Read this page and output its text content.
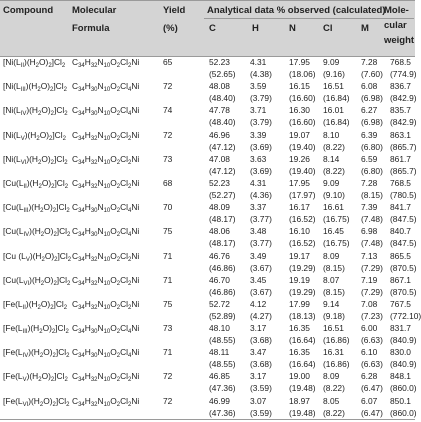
Compound Molecular
Formula
Yield
(%)
Analytical data % observed (calculated)
C	H	N	Cl	M
Mole-
cular
weight
$[Ni(L_{II})(H_2O)_2]Cl_2$ $C_{34}H_{32}N_{10}O_2Cl_2Ni$	65	52.23 4.31	17.95 9.09	7.28 768.5
(52.65) (4.38) (18.06) (9.16) (7.60) (774.9)
$[Ni(L_{III})(H_2O)_2]Cl_2$ $C_{34}H_{30}N_{10}O_2Cl_4Ni$	72	48.08 3.59	16.15 16.51 6.08 836.7
(48.40) (3.79) (16.60) (16.84) (6.98) (842.9)
$[Ni(L_{IV})(H_2O)_2]Cl_2$ $C_{34}H_{30}N_{10}O_2Cl_4Ni$	74	47.78 3.71	16.30 16.01 6.27 835.7
(48.40) (3.79) (16.60) (16.84) (6.98) (842.9)
$[Ni(L_V)(H_2O)_2]Cl_2$ $C_{34}H_{32}N_{10}O_2Cl_2Ni$	72	46.96 3.39	19.07 8.10	6.39 863.1
(47.12) (3.69) (19.40) (8.22) (6.80) (865.7)
$[Ni(L_{VI})(H_2O)_2]Cl_2$ $C_{34}H_{32}N_{10}O_2Cl_2Ni$	73	47.08 3.63	19.26 8.14	6.59 861.7
(47.12) (3.69) (19.40) (8.22) (6.80) (865.7)
$[Cu(L_{II})(H_2O)_2]Cl_2$ $C_{34}H_{32}N_{10}O_2Cl_2Ni$	68	52.23 4.31	17.95 9.09	7.28 768.5
(52.27) (4.36) (17.97) (9.10) (8.15) (780.5)
$[Cu(L_{III})(H_2O)_2]Cl_2$ $C_{34}H_{30}N_{10}O_2Cl_4Ni$	70	48.09 3.37	16.17 16.61 7.39 841.7
(48.17) (3.77) (16.52) (16.75) (7.48) (847.5)
$[Cu(L_{IV})(H_2O)_2]Cl_2$ $C_{34}H_{30}N_{10}O_2Cl_4Ni$	75	48.06 3.48	16.10 16.45 6.98 840.7
(48.17) (3.77) (16.52) (16.75) (7.48) (847.5)
[Cu $(L_V)(H_2O)_2]Cl_2$ $C_{34}H_{32}N_{10}O_2Cl_2Ni$	71	46.76 3.49	19.17 8.09	7.13 865.5
(46.86) (3.67) (19.29) (8.15) (7.29) (870.5)
$[Cu(L_{VI})(H_2O)_2]Cl_2$ $C_{34}H_{32}N_{10}O_2Cl_2Ni$	71	46.70 3.45	19.19 8.07	7.19 867.1
(46.86) (3.67) (19.29) (8.15) (7.29) (870.5)
$[Fe(L_{II})(H_2O)_2]Cl_2$ $C_{34}H_{32}N_{10}O_2Cl_2Ni$	75	52.72 4.12	17.99 9.14	7.08 767.5
(52.89) (4.27) (18.13) (9.18) (7.23) (772.10)
$[Fe(L_{III})(H_2O)_2]Cl_2$ $C_{34}H_{30}N_{10}O_2Cl_4Ni$	73	48.10 3.17	16.35 16.51 6.00 831.7
(48.55) (3.68) (16.64) (16.86) (6.63) (840.9)
$[Fe(L_{IV})(H_2O)_2]Cl_2$ $C_{34}H_{30}N_{10}O_2Cl_4Ni$	71	48.11 3.47	16.35 16.31 6.10 830.0
(48.55) (3.68) (16.64) (16.86) (6.63) (840.9)
$[Fe(L_V)(H_2O)_2]Cl_2$ $C_{34}H_{32}N_{10}O_2Cl_2Ni$	72	46.85 3.17	19.00 8.09	6.28 848.1
(47.36) (3.59) (19.48) (8.22) (6.47) (860.0)
$[Fe(L_{VI})(H_2O)_2]Cl_2$ $C_{34}H_{32}N_{10}O_2Cl_2Ni$	72	46.99 3.07	18.97 8.05	6.07 850.1
(47.36) (3.59) (19.48) (8.22) (6.47) (860.0)
